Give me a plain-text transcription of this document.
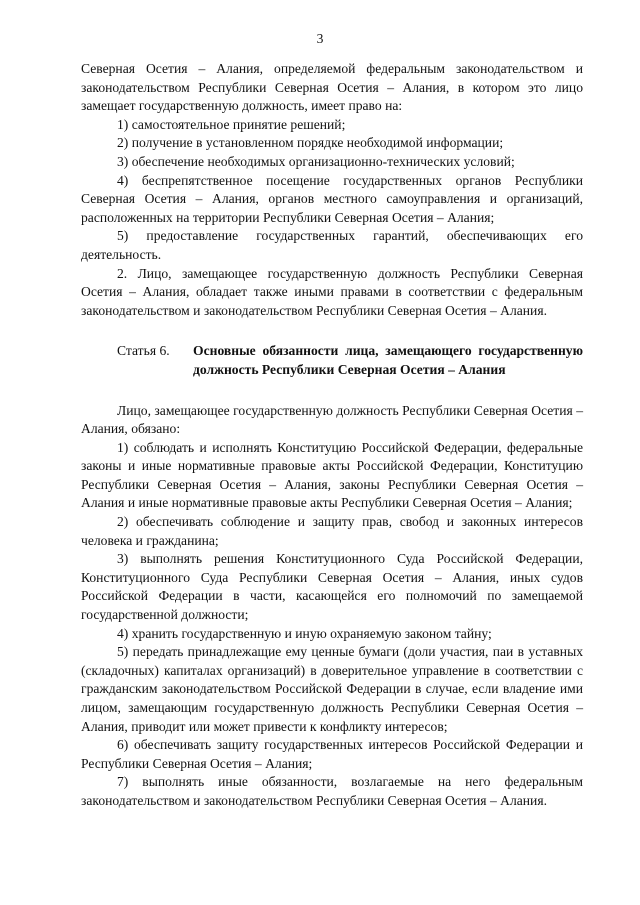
3

Северная Осетия – Алания, определяемой федеральным законодательством и законодательством Республики Северная Осетия – Алания, в котором это лицо замещает государственную должность, имеет право на:

1) самостоятельное принятие решений;

2) получение в установленном порядке необходимой информации;

3) обеспечение необходимых организационно-технических условий;

4) беспрепятственное посещение государственных органов Республики Северная Осетия – Алания, органов местного самоуправления и организаций, расположенных на территории Республики Северная Осетия – Алания;

5) предоставление государственных гарантий, обеспечивающих его деятельность.

2. Лицо, замещающее государственную должность Республики Северная Осетия – Алания, обладает также иными правами в соответствии с федеральным законодательством и законодательством Республики Северная Осетия – Алания.

Статья 6.	Основные обязанности лица, замещающего государственную должность Республики Северная Осетия – Алания

Лицо, замещающее государственную должность Республики Северная Осетия – Алания, обязано:

1) соблюдать и исполнять Конституцию Российской Федерации, федеральные законы и иные нормативные правовые акты Российской Федерации, Конституцию Республики Северная Осетия – Алания, законы Республики Северная Осетия – Алания и иные нормативные правовые акты Республики Северная Осетия – Алания;

2) обеспечивать соблюдение и защиту прав, свобод и законных интересов человека и гражданина;

3) выполнять решения Конституционного Суда Российской Федерации, Конституционного Суда Республики Северная Осетия – Алания, иных судов Российской Федерации в части, касающейся его полномочий по замещаемой государственной должности;

4) хранить государственную и иную охраняемую законом тайну;

5) передать принадлежащие ему ценные бумаги (доли участия, паи в уставных (складочных) капиталах организаций) в доверительное управление в соответствии с гражданским законодательством Российской Федерации в случае, если владение ими лицом, замещающим государственную должность Республики Северная Осетия – Алания, приводит или может привести к конфликту интересов;

6) обеспечивать защиту государственных интересов Российской Федерации и Республики Северная Осетия – Алания;

7) выполнять иные обязанности, возлагаемые на него федеральным законодательством и законодательством Республики Северная Осетия – Алания.
